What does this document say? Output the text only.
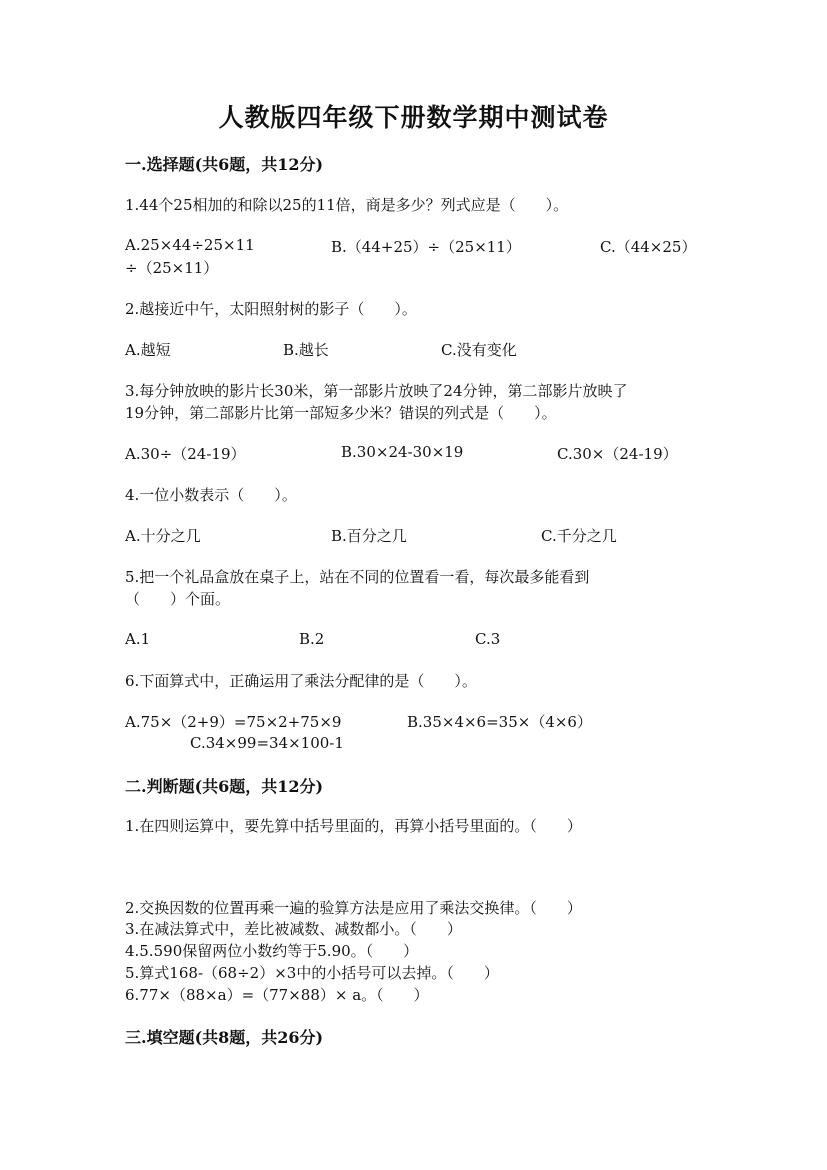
人教版四年级下册数学期中测试卷
一.选择题(共6题，共12分)
1.44个25相加的和除以25的11倍，商是多少？列式应是（　　）。
A.25×44÷25×11	B.（44+25）÷（25×11）	C.（44×25）
÷（25×11）
2.越接近中午，太阳照射树的影子（　　）。
A.越短	B.越长	C.没有变化
3.每分钟放映的影片长30米，第一部影片放映了24分钟，第二部影片放映了
19分钟，第二部影片比第一部短多少米？错误的列式是（　　）。
A.30÷（24-19）	B.30×24-30×19	C.30×（24-19）
4.一位小数表示（　　）。
A.十分之几	B.百分之几	C.千分之几
5.把一个礼品盒放在桌子上，站在不同的位置看一看，每次最多能看到
（　　）个面。
A.1	B.2	C.3
6.下面算式中，正确运用了乘法分配律的是（　　）。
A.75×（2+9）=75×2+75×9	B.35×4×6=35×（4×6）
C.34×99=34×100-1
二.判断题(共6题，共12分)
1.在四则运算中，要先算中括号里面的，再算小括号里面的。（　　）
2.交换因数的位置再乘一遍的验算方法是应用了乘法交换律。（　　）
3.在减法算式中，差比被减数、减数都小。（　　）
4.5.590保留两位小数约等于5.90。（　　）
5.算式168-（68÷2）×3中的小括号可以去掉。（　　）
6.77×（88×a）=（77×88）× a。（　　）
三.填空题(共8题，共26分)
